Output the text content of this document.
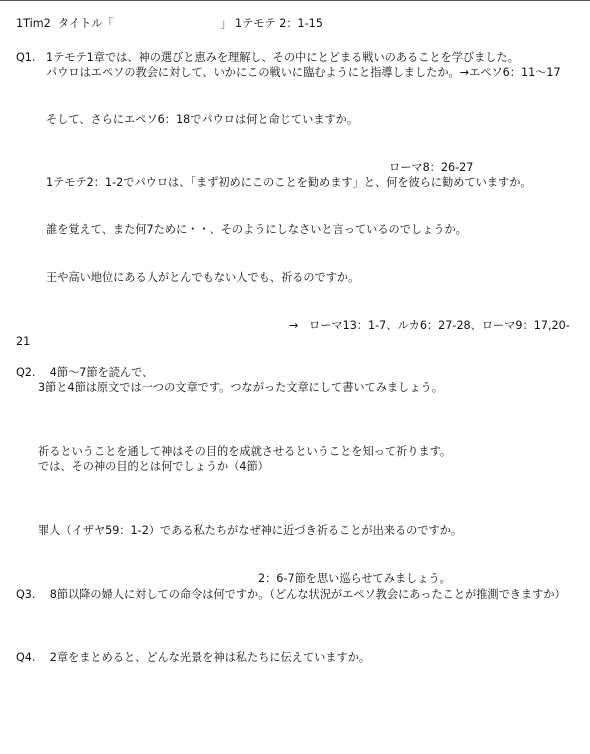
1Tim2  タイトル「                              」 1テモテ 2：1-15
Q1. 1テモテ1章では、神の選びと恵みを理解し、その中にとどまる戦いのあることを学びました。
パウロはエペソの教会に対して、いかにこの戦いに臨むようにと指導しましたか。→エペソ6：11〜17
そして、さらにエペソ6：18でパウロは何と命じていますか。
ローマ8：26-27
1テモテ2：1-2でパウロは、「まず初めにこのことを勧めます」と、何を彼らに勧めていますか。
誰を覚えて、また何7ために・・、そのようにしなさいと言っているのでしょうか。
王や高い地位にある人がとんでもない人でも、祈るのですか。
→   ローマ13：1-7、ルカ6：27-28、ローマ9：17,20-
21
Q2.    4節〜7節を読んで、
3節と4節は原文では一つの文章です。つながった文章にして書いてみましょう。
祈るということを通して神はその目的を成就させるということを知って祈ります。
では、その神の目的とは何でしょうか（4節）
罪人（イザヤ59：1-2）である私たちがなぜ神に近づき祈ることが出来るのですか。
2：6-7節を思い巡らせてみましょう。
Q3.    8節以降の婦人に対しての命令は何ですか。（どんな状況がエペソ教会にあったことが推測できますか）
Q4.    2章をまとめると、どんな光景を神は私たちに伝えていますか。
